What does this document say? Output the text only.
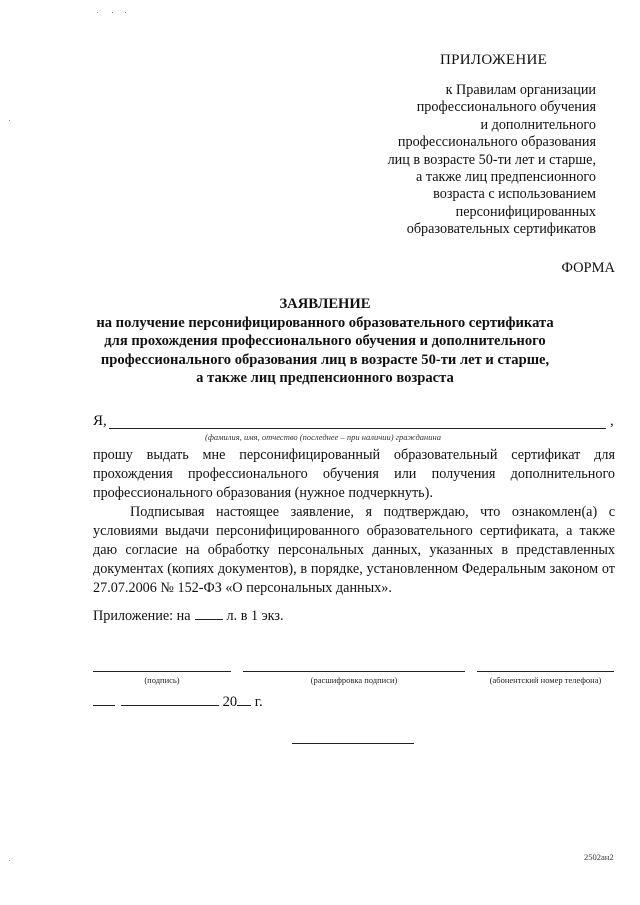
ПРИЛОЖЕНИЕ
к Правилам организации
профессионального обучения
и дополнительного
профессионального образования
лиц в возрасте 50-ти лет и старше,
а также лиц предпенсионного
возраста с использованием
персонифицированных
образовательных сертификатов
ФОРМА
ЗАЯВЛЕНИЕ
на получение персонифицированного образовательного сертификата
для прохождения профессионального обучения и дополнительного
профессионального образования лиц в возрасте 50-ти лет и старше,
а также лиц предпенсионного возраста
Я,	,
(фамилия, имя, отчество (последнее – при наличии) гражданина
прошу выдать мне персонифицированный образовательный сертификат для прохождения профессионального обучения или получения дополнительного профессионального образования (нужное подчеркнуть).
Подписывая настоящее заявление, я подтверждаю, что ознакомлен(а) с условиями выдачи персонифицированного образовательного сертификата, а также даю согласие на обработку персональных данных, указанных в представленных документах (копиях документов), в порядке, установленном Федеральным законом от 27.07.2006 № 152-ФЗ «О персональных данных».
Приложение: на	л. в 1 экз.
(подпись)	(расшифровка подписи)	(абонентский номер телефона)
20 г.
2502ан2
